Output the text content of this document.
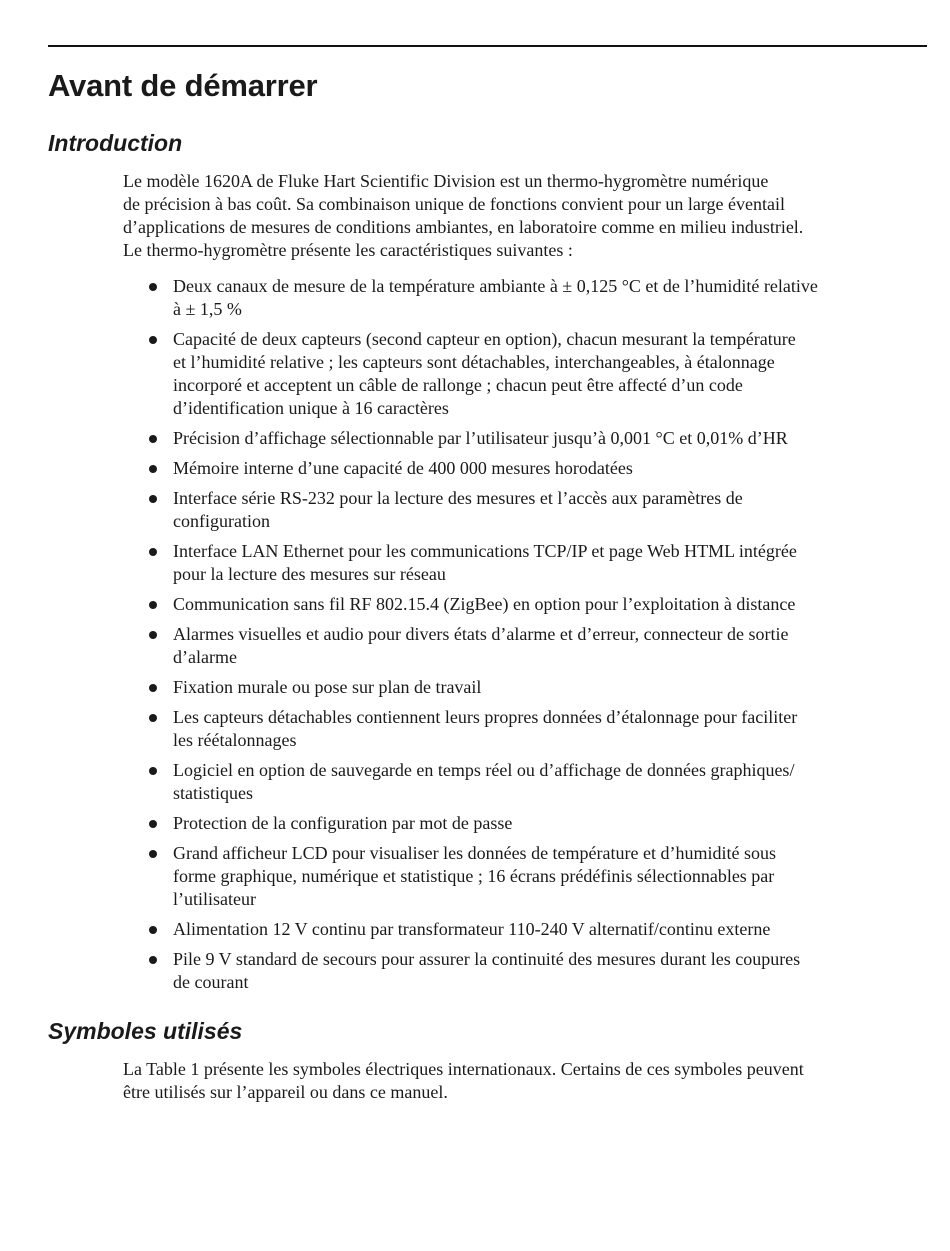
Avant de démarrer
Introduction

Le modèle 1620A de Fluke Hart Scientific Division est un thermo-hygromètre numérique
de précision à bas coût. Sa combinaison unique de fonctions convient pour un large éventail
d’applications de mesures de conditions ambiantes, en laboratoire comme en milieu industriel.
Le thermo-hygromètre présente les caractéristiques suivantes :

Deux canaux de mesure de la température ambiante à ± 0,125 °C et de l’humidité relative
à ± 1,5 %
Capacité de deux capteurs (second capteur en option), chacun mesurant la température
et l’humidité relative ; les capteurs sont détachables, interchangeables, à étalonnage
incorporé et acceptent un câble de rallonge ; chacun peut être affecté d’un code
d’identification unique à 16 caractères
Précision d’affichage sélectionnable par l’utilisateur jusqu’à 0,001 °C et 0,01% d’HR
Mémoire interne d’une capacité de 400 000 mesures horodatées
Interface série RS-232 pour la lecture des mesures et l’accès aux paramètres de
configuration
Interface LAN Ethernet pour les communications TCP/IP et page Web HTML intégrée
pour la lecture des mesures sur réseau
Communication sans fil RF 802.15.4 (ZigBee) en option pour l’exploitation à distance
Alarmes visuelles et audio pour divers états d’alarme et d’erreur, connecteur de sortie
d’alarme
Fixation murale ou pose sur plan de travail
Les capteurs détachables contiennent leurs propres données d’étalonnage pour faciliter
les réétalonnages
Logiciel en option de sauvegarde en temps réel ou d’affichage de données graphiques/
statistiques
Protection de la configuration par mot de passe
Grand afficheur LCD pour visualiser les données de température et d’humidité sous
forme graphique, numérique et statistique ; 16 écrans prédéfinis sélectionnables par
l’utilisateur
Alimentation 12 V continu par transformateur 110-240 V alternatif/continu externe
Pile 9 V standard de secours pour assurer la continuité des mesures durant les coupures
de courant
Symboles utilisés

La Table 1 présente les symboles électriques internationaux. Certains de ces symboles peuvent
être utilisés sur l’appareil ou dans ce manuel.
